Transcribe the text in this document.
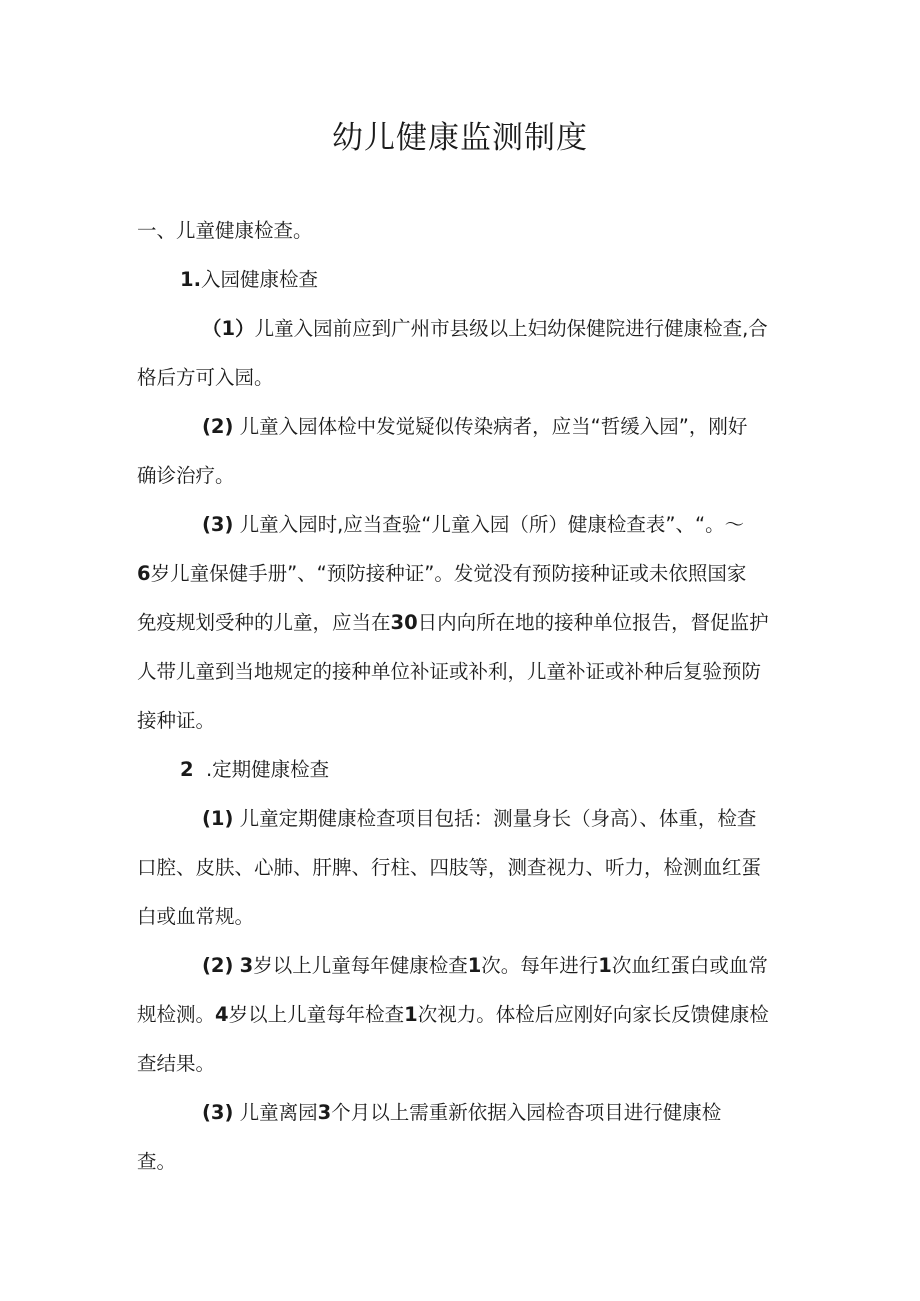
幼儿健康监测制度

一、儿童健康检查。

1.入园健康检查

（1）儿童入园前应到广州市县级以上妇幼保健院进行健康检查,合

格后方可入园。

(2) 儿童入园体检中发觉疑似传染病者，应当“哲缓入园”，刚好

确诊治疗。

(3) 儿童入园时,应当查验“儿童入园（所）健康检查表”、“。～

6岁儿童保健手册”、“预防接种证”。发觉没有预防接种证或未依照国家

免疫规划受种的儿童，应当在30日内向所在地的接种单位报告，督促监护

人带儿童到当地规定的接种单位补证或补利，儿童补证或补种后复验预防

接种证。

2 .定期健康检查

(1) 儿童定期健康检查项目包括：测量身长（身高）、体重，检查

口腔、皮肤、心肺、肝脾、行柱、四肢等，测查视力、听力，检测血红蛋

白或血常规。

(2) 3岁以上儿童每年健康检查1次。每年进行1次血红蛋白或血常

规检测。4岁以上儿童每年检查1次视力。体检后应刚好向家长反馈健康检

查结果。

(3) 儿童离园3个月以上需重新依据入园检杳项目进行健康检

查。
